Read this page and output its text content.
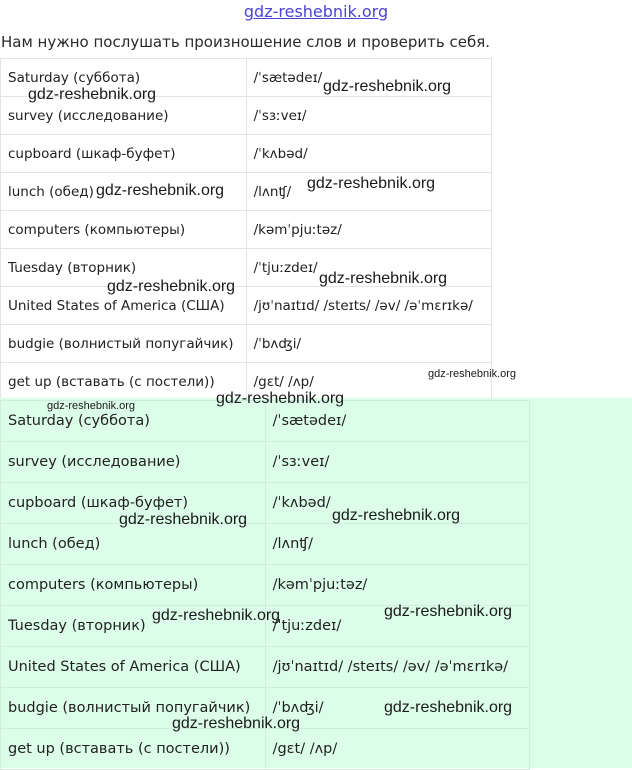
gdz-reshebnik.org
Нам нужно послушать произношение слов и проверить себя.
Saturday (суббота)	/ˈsætədeɪ/
survey (исследование)	/ˈsɜːveɪ/
cupboard (шкаф-буфет)	/ˈkʌbəd/
lunch (обед)	/lʌnʧ/
computers (компьютеры)	/kəmˈpjuːtəz/
Tuesday (вторник)	/ˈtjuːzdeɪ/
United States of America (США)	/jʊˈnaɪtɪd/ /steɪts/ /əv/ /əˈmɛrɪkə/
budgie (волнистый попугайчик)	/ˈbʌʤi/
get up (вставать (с постели))	/gɛt/ /ʌp/
Saturday (суббота)	/ˈsætədeɪ/
survey (исследование)	/ˈsɜːveɪ/
cupboard (шкаф-буфет)	/ˈkʌbəd/
lunch (обед)	/lʌnʧ/
computers (компьютеры)	/kəmˈpjuːtəz/
Tuesday (вторник)	/ˈtjuːzdeɪ/
United States of America (США)	/jʊˈnaɪtɪd/ /steɪts/ /əv/ /əˈmɛrɪkə/
budgie (волнистый попугайчик)	/ˈbʌʤi/
get up (вставать (с постели))	/gɛt/ /ʌp/
gdz-reshebnik.org	gdz-reshebnik.org
gdz-reshebnik.org	gdz-reshebnik.org
gdz-reshebnik.org	gdz-reshebnik.org
gdz-reshebnik.org
gdz-reshebnik.org	gdz-reshebnik.org
gdz-reshebnik.org	gdz-reshebnik.org
gdz-reshebnik.org	gdz-reshebnik.org
gdz-reshebnik.org
gdz-reshebnik.org
